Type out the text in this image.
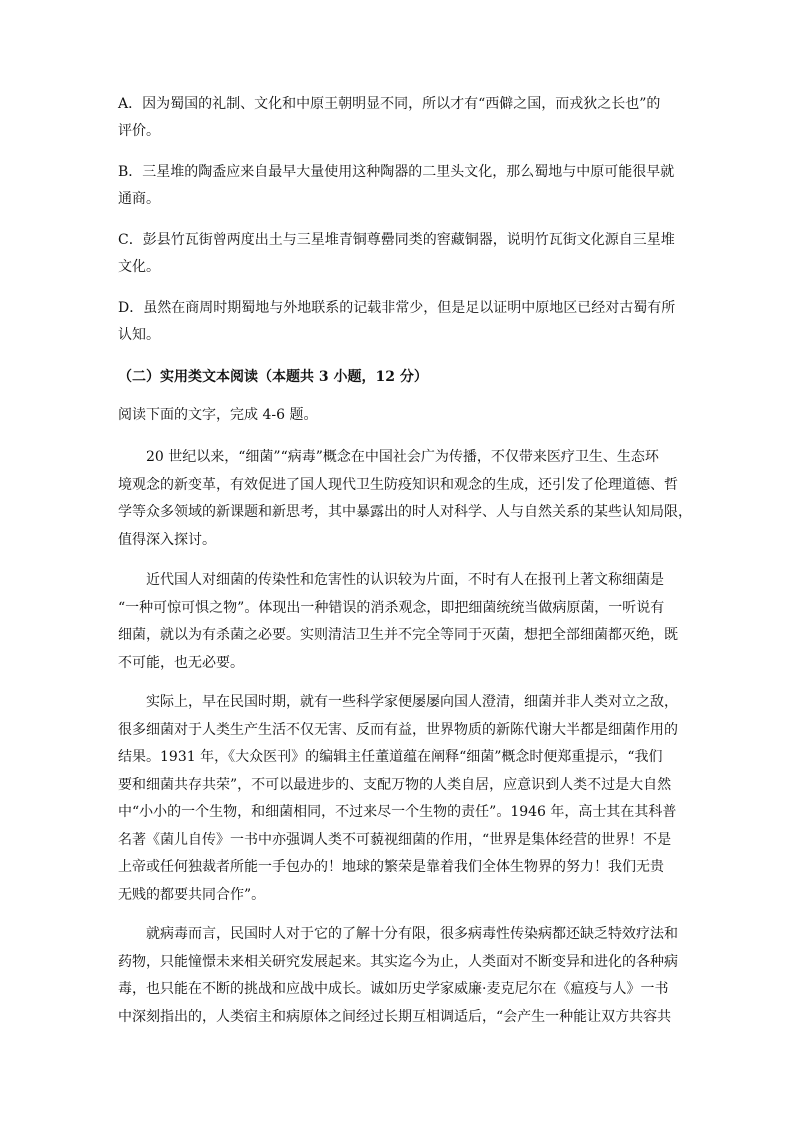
A．因为蜀国的礼制、文化和中原王朝明显不同，所以才有“西僻之国，而戎狄之长也”的
评价。
B．三星堆的陶盉应来自最早大量使用这种陶器的二里头文化，那么蜀地与中原可能很早就
通商。
C．彭县竹瓦街曾两度出土与三星堆青铜尊罍同类的窖藏铜器，说明竹瓦街文化源自三星堆
文化。
D．虽然在商周时期蜀地与外地联系的记载非常少，但是足以证明中原地区已经对古蜀有所
认知。
（二）实用类文本阅读（本题共 3 小题，12 分）
阅读下面的文字，完成 4-6 题。
20 世纪以来，“细菌”“病毒”概念在中国社会广为传播，不仅带来医疗卫生、生态环
境观念的新变革，有效促进了国人现代卫生防疫知识和观念的生成，还引发了伦理道德、哲
学等众多领域的新课题和新思考，其中暴露出的时人对科学、人与自然关系的某些认知局限，
值得深入探讨。
近代国人对细菌的传染性和危害性的认识较为片面，不时有人在报刊上著文称细菌是
“一种可惊可惧之物”。体现出一种错误的消杀观念，即把细菌统统当做病原菌，一听说有
细菌，就以为有杀菌之必要。实则清洁卫生并不完全等同于灭菌，想把全部细菌都灭绝，既
不可能，也无必要。
实际上，早在民国时期，就有一些科学家便屡屡向国人澄清，细菌并非人类对立之敌，
很多细菌对于人类生产生活不仅无害、反而有益，世界物质的新陈代谢大半都是细菌作用的
结果。1931 年，《大众医刊》的编辑主任董道蕴在阐释“细菌”概念时便郑重提示，“我们
要和细菌共存共荣”，不可以最进步的、支配万物的人类自居，应意识到人类不过是大自然
中“小小的一个生物，和细菌相同，不过来尽一个生物的责任”。1946 年，高士其在其科普
名著《菌儿自传》一书中亦强调人类不可藐视细菌的作用，“世界是集体经营的世界！不是
上帝或任何独裁者所能一手包办的！地球的繁荣是靠着我们全体生物界的努力！我们无贵
无贱的都要共同合作”。
就病毒而言，民国时人对于它的了解十分有限，很多病毒性传染病都还缺乏特效疗法和
药物，只能憧憬未来相关研究发展起来。其实迄今为止，人类面对不断变异和进化的各种病
毒，也只能在不断的挑战和应战中成长。诚如历史学家威廉·麦克尼尔在《瘟疫与人》一书
中深刻指出的，人类宿主和病原体之间经过长期互相调适后，“会产生一种能让双方共容共
